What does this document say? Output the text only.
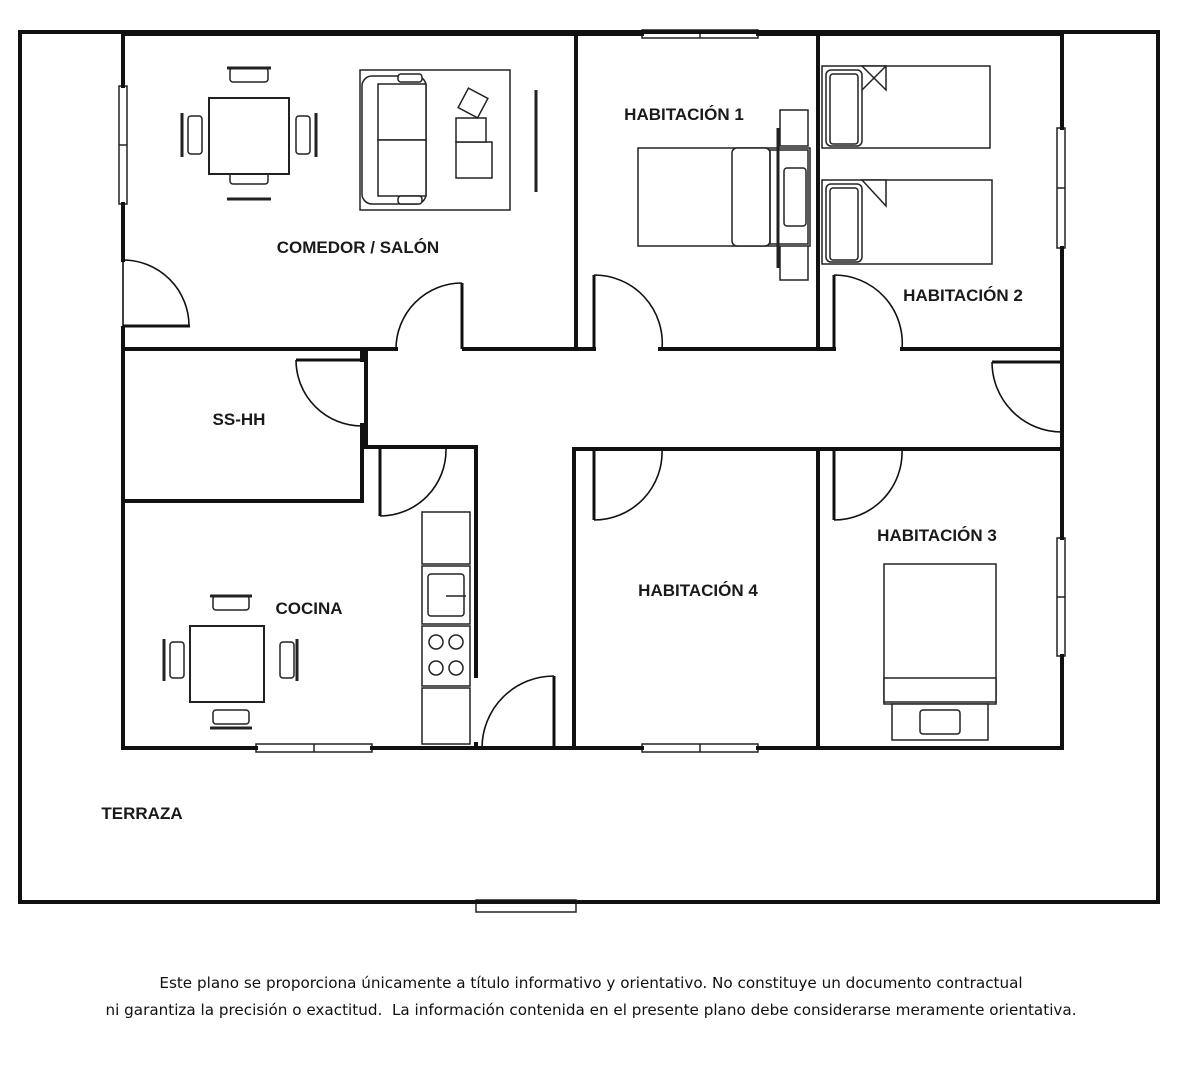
COMEDOR / SALÓN
HABITACIÓN 1
HABITACIÓN 2
HABITACIÓN 3
HABITACIÓN 4
SS-HH
COCINA
TERRAZA
Este plano se proporciona únicamente a título informativo y orientativo. No constituye un documento contractual
ni garantiza la precisión o exactitud.  La información contenida en el presente plano debe considerarse meramente orientativa.
